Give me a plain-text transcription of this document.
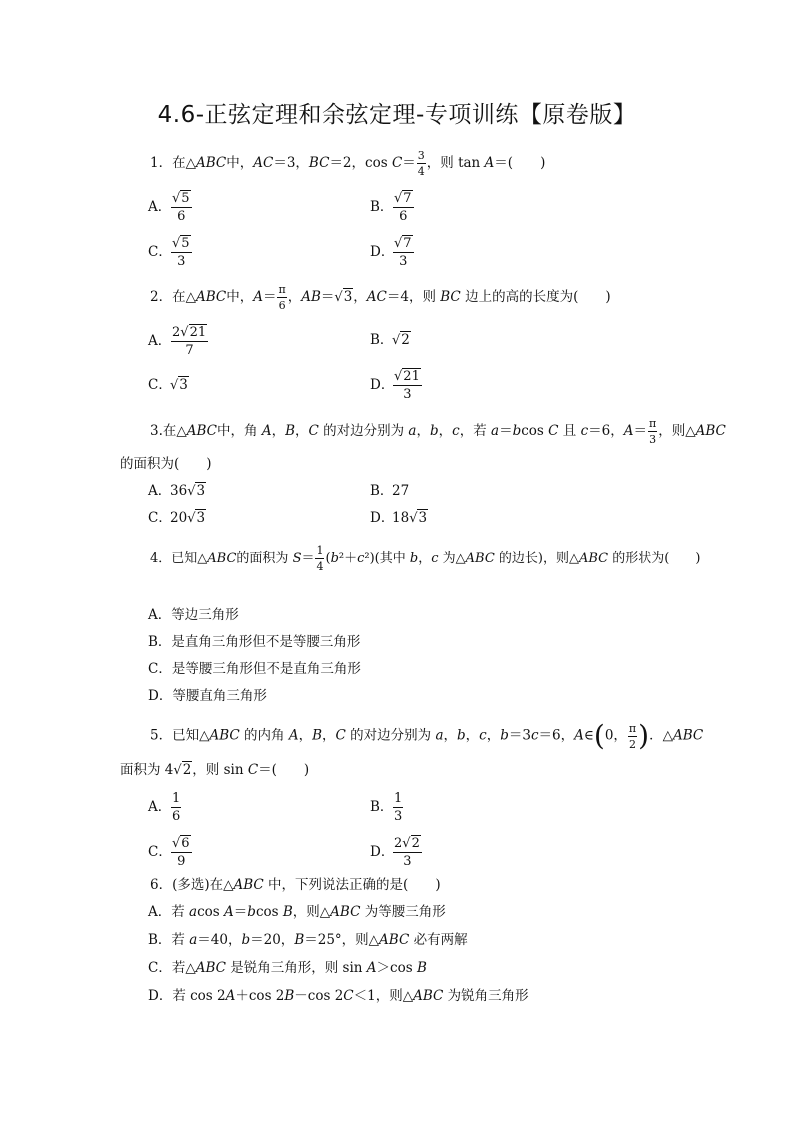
4.6-正弦定理和余弦定理-专项训练【原卷版】
1．在△ABC中，AC＝3，BC＝2，$\cos C= \frac{3}{4}$ ，则 tan A＝(　　)
A． $\frac{√5}{6}$	B． $\frac{√7}{6}$
C． $\frac{√5}{3}$	D．
$\frac{√7}{3}$
2．在△ABC中，$A= \frac{\pi}{6}$ ，AB＝√3，AC＝4，则 BC 边上的高的长度为(　　)
A． $\frac{2√21}{7}$	B．√2
C．√3	D．
$\frac{√21}{3}$
3.在△ABC中，角 A，B，C 的对边分别为 a，b，c，若 a＝bcos C 且 c＝6，$A= \frac{\pi}{3}$ ，则△ABC
的面积为(　　)
A．36√3	B．27
C．20√3	D．18√3
4．已知△ABC的面积为 $S= \frac{1}{4} (b^2+c^2)$(其中 b，c 为△ABC 的边长)，则△ABC 的形状为(　　)
A．等边三角形
B．是直角三角形但不是等腰三角形
C．是等腰三角形但不是直角三角形
D．等腰直角三角形
5．已知△ABC 的内角 A，B，C 的对边分别为 a，b，c，b＝3c＝6，A∈(0， $\frac{\pi}{2}$ )．△ABC
面积为 4√2，则 sin C＝(　　)
A． $\frac{1}{6}$	B． $\frac{1}{3}$
C． $\frac{√6}{9}$	D．
$\frac{2√2}{3}$
6．(多选)在△ABC 中，下列说法正确的是(　　)
A．若 acos A＝bcos B，则△ABC 为等腰三角形
B．若 a＝40，b＝20，B＝25°，则△ABC 必有两解
C．若△ABC 是锐角三角形，则 sin A＞cos B
D．若 cos 2A＋cos 2B－cos 2C＜1，则△ABC 为锐角三角形
